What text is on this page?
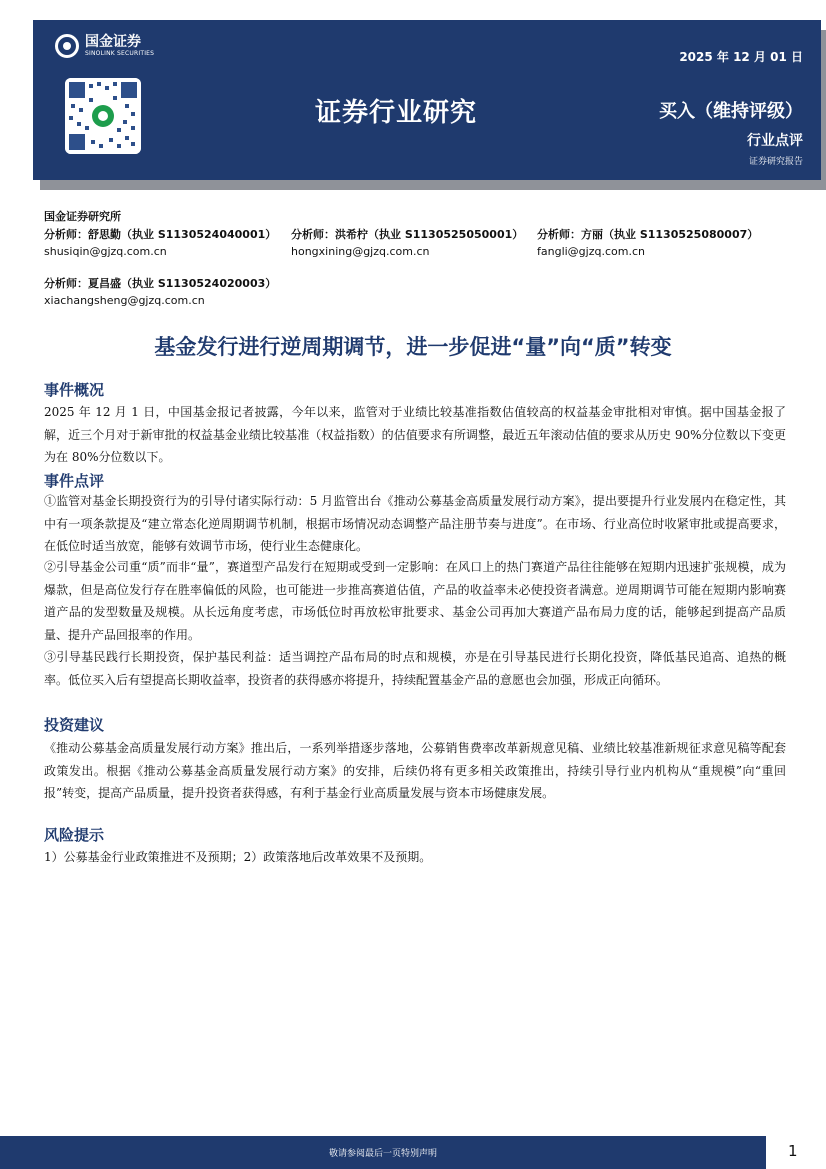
国金证券
SINOLINK SECURITIES
证券行业研究
2025 年 12 月 01 日
买入（维持评级）
行业点评
证券研究报告
国金证券研究所
分析师：舒思勤（执业 S1130524040001）
shusiqin@gjzq.com.cn
分析师：洪希柠（执业 S1130525050001）
hongxining@gjzq.com.cn
分析师：方丽（执业 S1130525080007）
fangli@gjzq.com.cn
分析师：夏昌盛（执业 S1130524020003）
xiachangsheng@gjzq.com.cn
基金发行进行逆周期调节，进一步促进“量”向“质”转变
事件概况
2025 年 12 月 1 日，中国基金报记者披露，今年以来，监管对于业绩比较基准指数估值较高的权益基金审批相对审慎。据中国基金报了解，近三个月对于新审批的权益基金业绩比较基准（权益指数）的估值要求有所调整，最近五年滚动估值的要求从历史 90%分位数以下变更为在 80%分位数以下。
事件点评
①监管对基金长期投资行为的引导付诸实际行动：5 月监管出台《推动公募基金高质量发展行动方案》，提出要提升行业发展内在稳定性，其中有一项条款提及“建立常态化逆周期调节机制，根据市场情况动态调整产品注册节奏与进度”。在市场、行业高位时收紧审批或提高要求，在低位时适当放宽，能够有效调节市场，使行业生态健康化。
②引导基金公司重“质”而非“量”，赛道型产品发行在短期或受到一定影响：在风口上的热门赛道产品往往能够在短期内迅速扩张规模，成为爆款，但是高位发行存在胜率偏低的风险，也可能进一步推高赛道估值，产品的收益率未必使投资者满意。逆周期调节可能在短期内影响赛道产品的发型数量及规模。从长远角度考虑，市场低位时再放松审批要求、基金公司再加大赛道产品布局力度的话，能够起到提高产品质量、提升产品回报率的作用。
③引导基民践行长期投资，保护基民利益：适当调控产品布局的时点和规模，亦是在引导基民进行长期化投资，降低基民追高、追热的概率。低位买入后有望提高长期收益率，投资者的获得感亦将提升，持续配置基金产品的意愿也会加强，形成正向循环。
投资建议
《推动公募基金高质量发展行动方案》推出后，一系列举措逐步落地，公募销售费率改革新规意见稿、业绩比较基准新规征求意见稿等配套政策发出。根据《推动公募基金高质量发展行动方案》的安排，后续仍将有更多相关政策推出，持续引导行业内机构从“重规模”向“重回报”转变，提高产品质量，提升投资者获得感，有利于基金行业高质量发展与资本市场健康发展。
风险提示
1）公募基金行业政策推进不及预期；2）政策落地后改革效果不及预期。
敬请参阅最后一页特别声明	1
